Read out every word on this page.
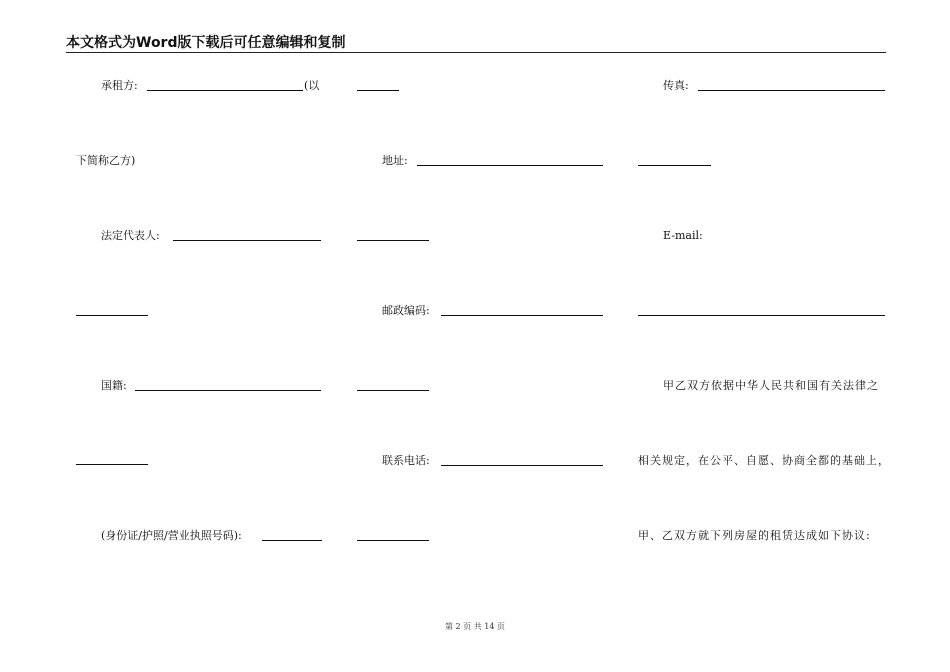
本文格式为Word版下载后可任意编辑和复制
承租方:	(以
下简称乙方)
法定代表人:
国籍:
(身份证/护照/营业执照号码):
地址:
邮政编码:
联系电话:
传真:
E-mail:
甲乙双方依据中华人民共和国有关法律之
相关规定，在公平、自愿、协商全都的基础上，
甲、乙双方就下列房屋的租赁达成如下协议:
第 2 页 共 14 页
